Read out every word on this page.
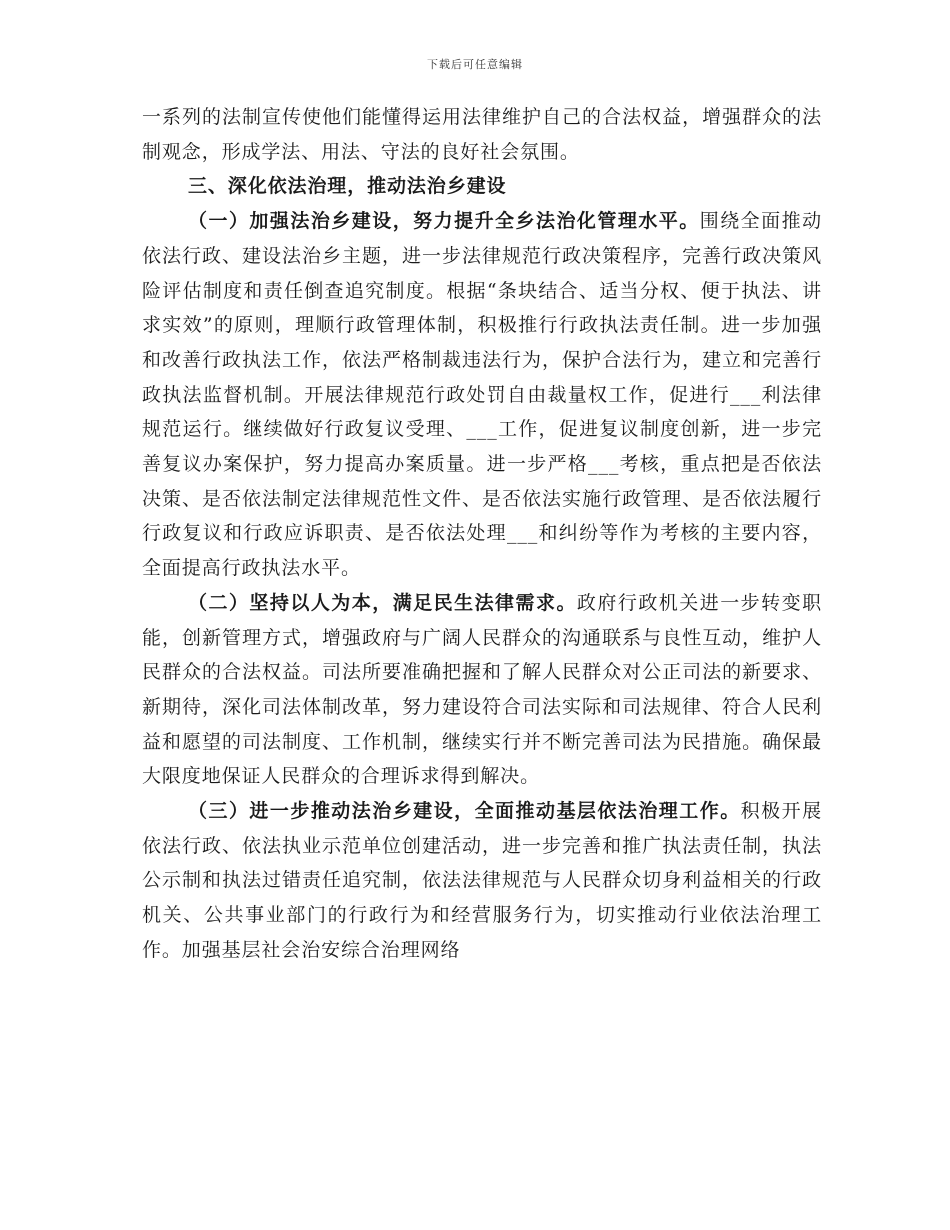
下载后可任意编辑

一系列的法制宣传使他们能懂得运用法律维护自己的合法权益，增强群众的法制观念，形成学法、用法、守法的良好社会氛围。

三、深化依法治理，推动法治乡建设

（一）加强法治乡建设，努力提升全乡法治化管理水平。围绕全面推动依法行政、建设法治乡主题，进一步法律规范行政决策程序，完善行政决策风险评估制度和责任倒查追究制度。根据“条块结合、适当分权、便于执法、讲求实效”的原则，理顺行政管理体制，积极推行行政执法责任制。进一步加强和改善行政执法工作，依法严格制裁违法行为，保护合法行为，建立和完善行政执法监督机制。开展法律规范行政处罚自由裁量权工作，促进行___利法律规范运行。继续做好行政复议受理、___工作，促进复议制度创新，进一步完善复议办案保护，努力提高办案质量。进一步严格___考核，重点把是否依法决策、是否依法制定法律规范性文件、是否依法实施行政管理、是否依法履行行政复议和行政应诉职责、是否依法处理___和纠纷等作为考核的主要内容，全面提高行政执法水平。

（二）坚持以人为本，满足民生法律需求。政府行政机关进一步转变职能，创新管理方式，增强政府与广阔人民群众的沟通联系与良性互动，维护人民群众的合法权益。司法所要准确把握和了解人民群众对公正司法的新要求、新期待，深化司法体制改革，努力建设符合司法实际和司法规律、符合人民利益和愿望的司法制度、工作机制，继续实行并不断完善司法为民措施。确保最大限度地保证人民群众的合理诉求得到解决。

（三）进一步推动法治乡建设，全面推动基层依法治理工作。积极开展依法行政、依法执业示范单位创建活动，进一步完善和推广执法责任制，执法公示制和执法过错责任追究制，依法法律规范与人民群众切身利益相关的行政机关、公共事业部门的行政行为和经营服务行为，切实推动行业依法治理工作。加强基层社会治安综合治理网络
